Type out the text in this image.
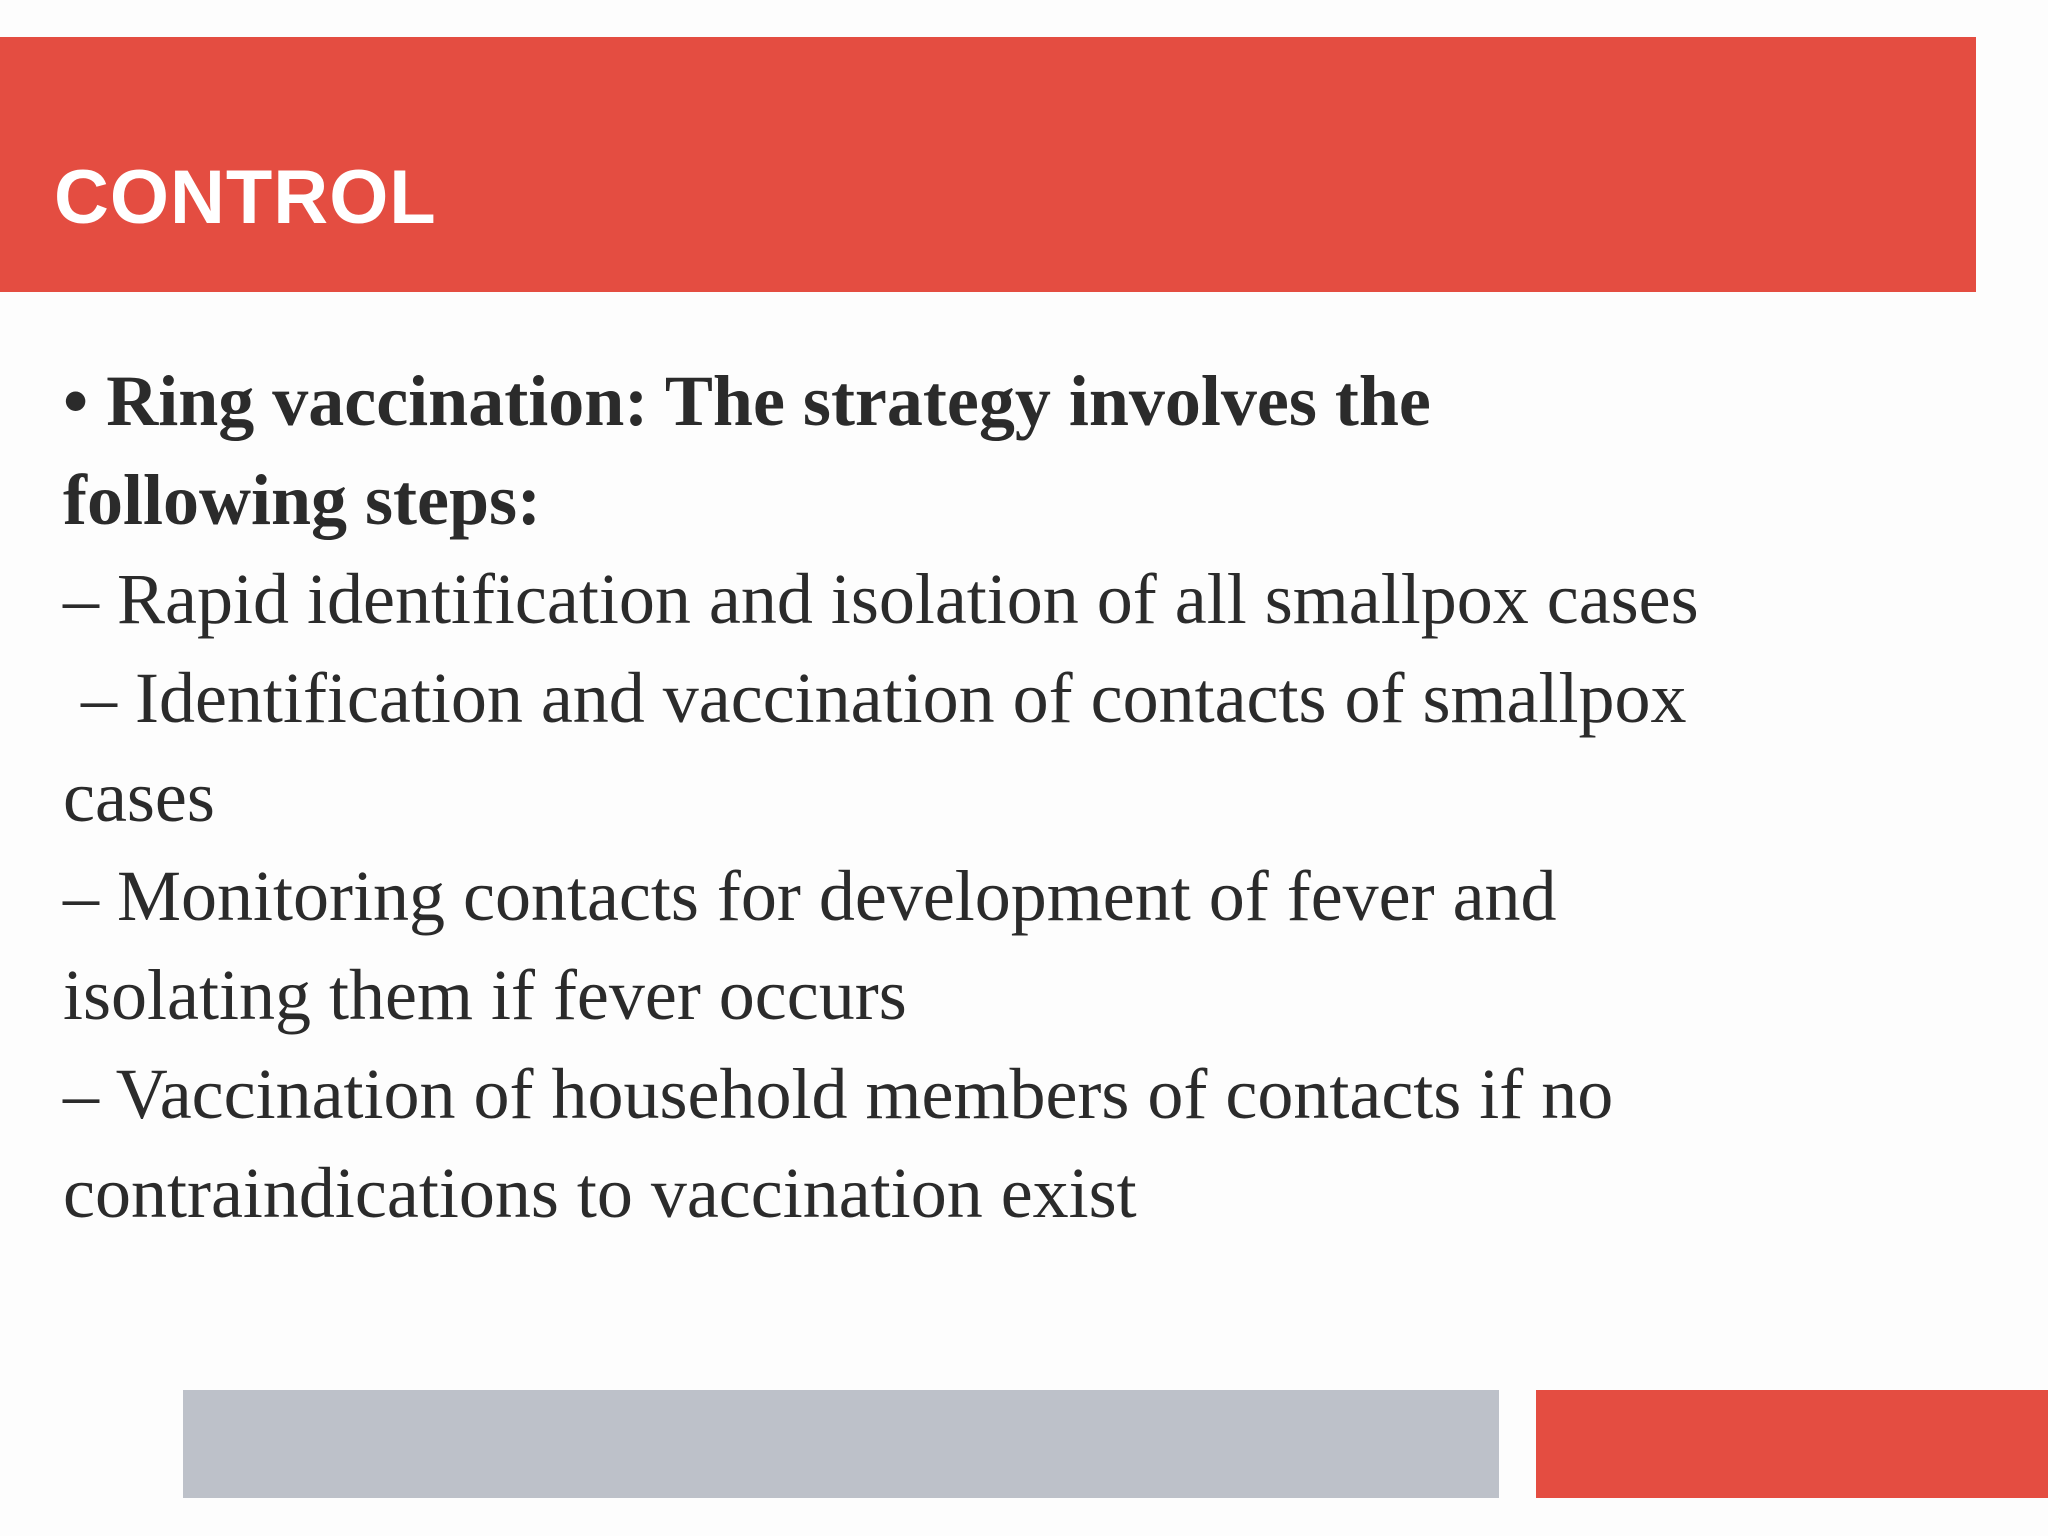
CONTROL

• Ring vaccination: The strategy involves the

following steps:

– Rapid identification and isolation of all smallpox cases

– Identification and vaccination of contacts of smallpox

cases

– Monitoring contacts for development of fever and

isolating them if fever occurs

– Vaccination of household members of contacts if no

contraindications to vaccination exist
